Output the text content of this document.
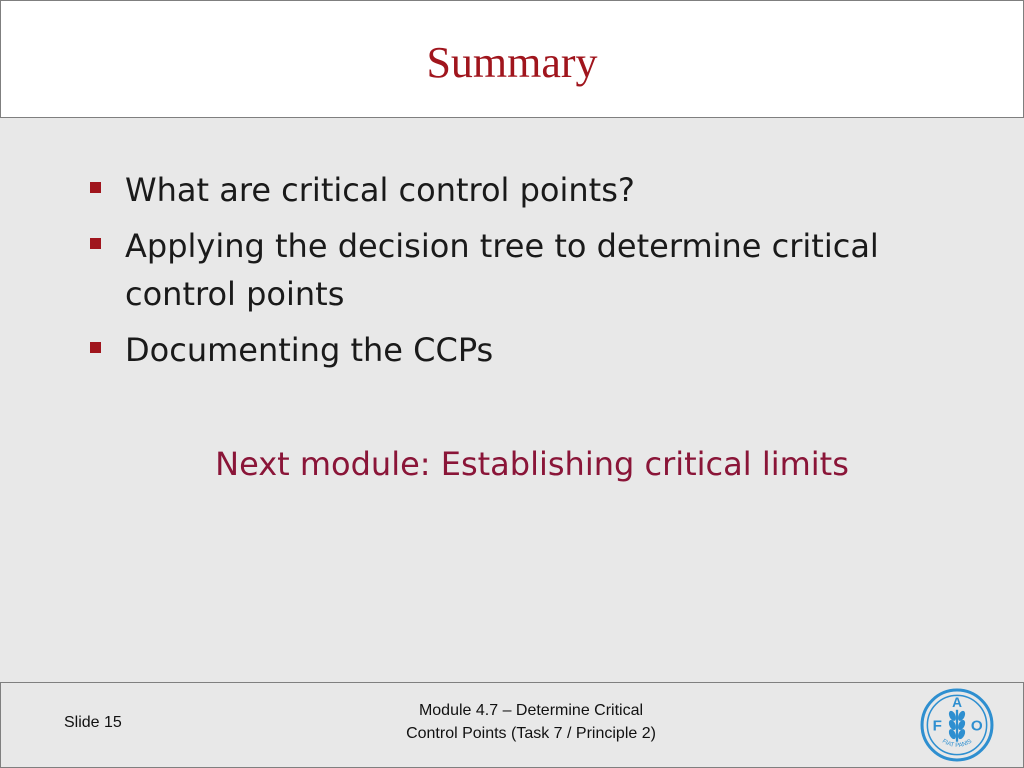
Summary
What are critical control points?
Applying the decision tree to determine critical control points
Documenting the CCPs
Next module: Establishing critical limits
Slide 15
Module 4.7 – Determine Critical
Control Points (Task 7 / Principle 2)	F
A
O
FIAT PANIS
